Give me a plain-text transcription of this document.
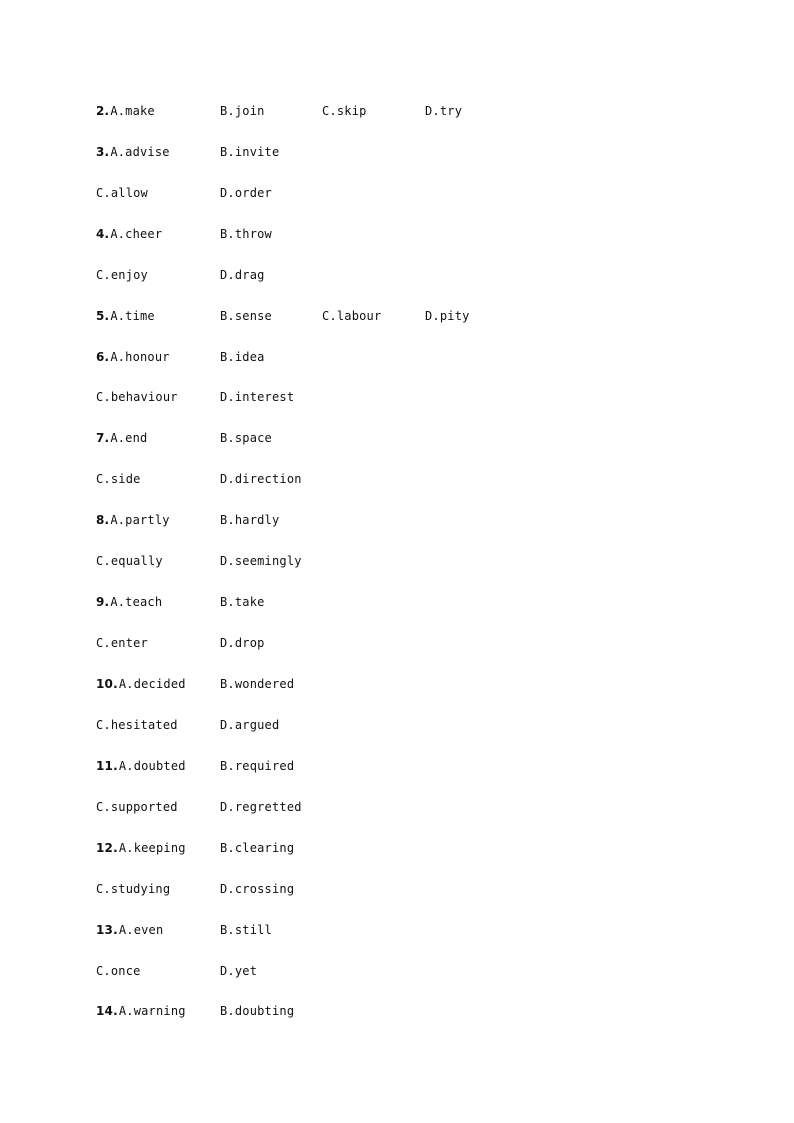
2.A.make	B.join	C.skip	D.try
3.A.advise	B.invite
C.allow	D.order
4.A.cheer	B.throw
C.enjoy	D.drag
5.A.time	B.sense	C.labour	D.pity
6.A.honour	B.idea
C.behaviour	D.interest
7.A.end	B.space
C.side	D.direction
8.A.partly	B.hardly
C.equally	D.seemingly
9.A.teach	B.take
C.enter	D.drop
10.A.decided	B.wondered
C.hesitated	D.argued
11.A.doubted	B.required
C.supported	D.regretted
12.A.keeping	B.clearing
C.studying	D.crossing
13.A.even	B.still
C.once	D.yet
14.A.warning	B.doubting
